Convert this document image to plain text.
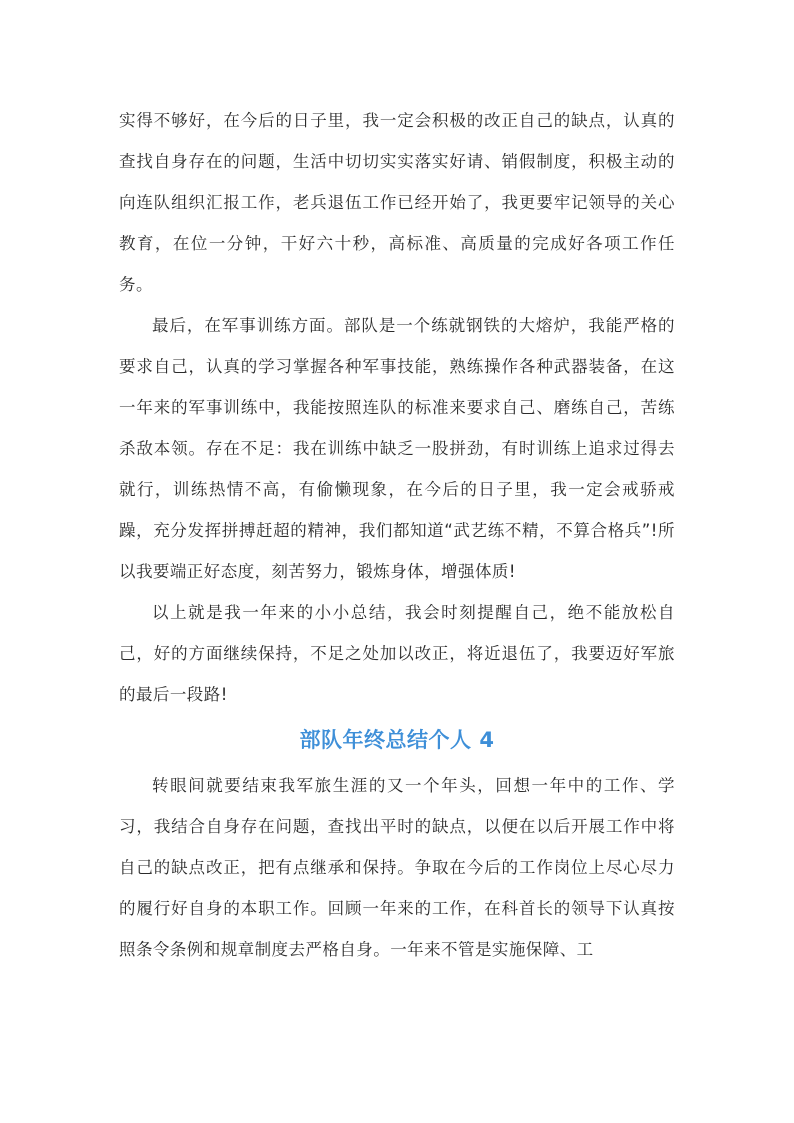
实得不够好，在今后的日子里，我一定会积极的改正自己的缺点，认真的查找自身存在的问题，生活中切切实实落实好请、销假制度，积极主动的向连队组织汇报工作，老兵退伍工作已经开始了，我更要牢记领导的关心教育，在位一分钟，干好六十秒，高标准、高质量的完成好各项工作任务。

最后，在军事训练方面。部队是一个练就钢铁的大熔炉，我能严格的要求自己，认真的学习掌握各种军事技能，熟练操作各种武器装备，在这一年来的军事训练中，我能按照连队的标准来要求自己、磨练自己，苦练杀敌本领。存在不足：我在训练中缺乏一股拼劲，有时训练上追求过得去就行，训练热情不高，有偷懒现象，在今后的日子里，我一定会戒骄戒躁，充分发挥拼搏赶超的精神，我们都知道“武艺练不精，不算合格兵”!所以我要端正好态度，刻苦努力，锻炼身体，增强体质!

以上就是我一年来的小小总结，我会时刻提醒自己，绝不能放松自己，好的方面继续保持，不足之处加以改正，将近退伍了，我要迈好军旅的最后一段路!

部队年终总结个人 4

转眼间就要结束我军旅生涯的又一个年头，回想一年中的工作、学习，我结合自身存在问题，查找出平时的缺点，以便在以后开展工作中将自己的缺点改正，把有点继承和保持。争取在今后的工作岗位上尽心尽力的履行好自身的本职工作。回顾一年来的工作，在科首长的领导下认真按照条令条例和规章制度去严格自身。一年来不管是实施保障、工
